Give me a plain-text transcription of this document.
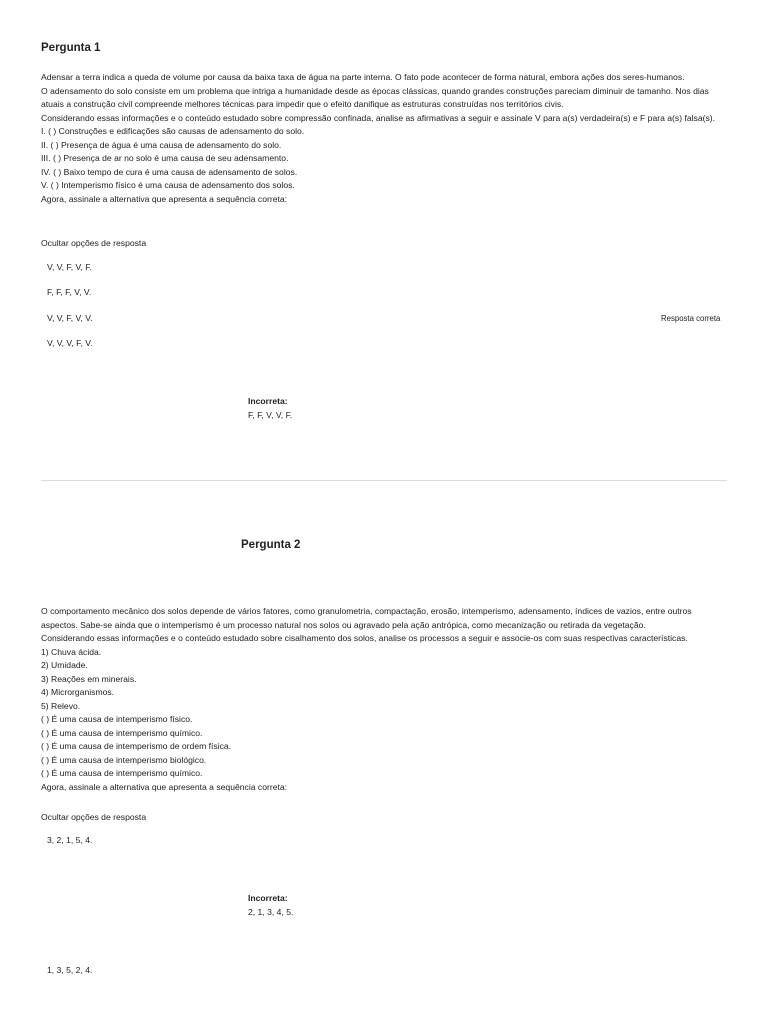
Pergunta 1

Adensar a terra indica a queda de volume por causa da baixa taxa de água na parte interna. O fato pode acontecer de forma natural, embora ações dos seres-humanos.

O adensamento do solo consiste em um problema que intriga a humanidade desde as épocas clássicas, quando grandes construções pareciam diminuir de tamanho. Nos dias atuais a construção civil compreende melhores técnicas para impedir que o efeito danifique as estruturas construídas nos territórios civis.

Considerando essas informações e o conteúdo estudado sobre compressão confinada, analise as afirmativas a seguir e assinale V para a(s) verdadeira(s) e F para a(s) falsa(s).

I. ( ) Construções e edificações são causas de adensamento do solo.

II. ( ) Presença de água é uma causa de adensamento do solo.

III. ( ) Presença de ar no solo é uma causa de seu adensamento.

IV. ( ) Baixo tempo de cura é uma causa de adensamento de solos.

V. ( ) Intemperismo físico é uma causa de adensamento dos solos.

Agora, assinale a alternativa que apresenta a sequência correta:

Ocultar opções de resposta
V, V, F, V, F.
F, F, F, V, V.
V, V, F, V, V.	Resposta correta
V, V, V, F, V.
Incorreta:
F, F, V, V, F.
Pergunta 2

O comportamento mecânico dos solos depende de vários fatores, como granulometria, compactação, erosão, intemperismo, adensamento, índices de vazios, entre outros aspectos. Sabe-se ainda que o intemperismo é um processo natural nos solos ou agravado pela ação antrópica, como mecanização ou retirada da vegetação.

Considerando essas informações e o conteúdo estudado sobre cisalhamento dos solos, analise os processos a seguir e associe-os com suas respectivas características.

1) Chuva ácida.

2) Umidade.

3) Reações em minerais.

4) Microrganismos.

5) Relevo.

( ) É uma causa de intemperismo físico.

( ) É uma causa de intemperismo químico.

( ) É uma causa de intemperismo de ordem física.

( ) É uma causa de intemperismo biológico.

( ) É uma causa de intemperismo químico.

Agora, assinale a alternativa que apresenta a sequência correta:

Ocultar opções de resposta
3, 2, 1, 5, 4.
Incorreta:
2, 1, 3, 4, 5.
1, 3, 5, 2, 4.
